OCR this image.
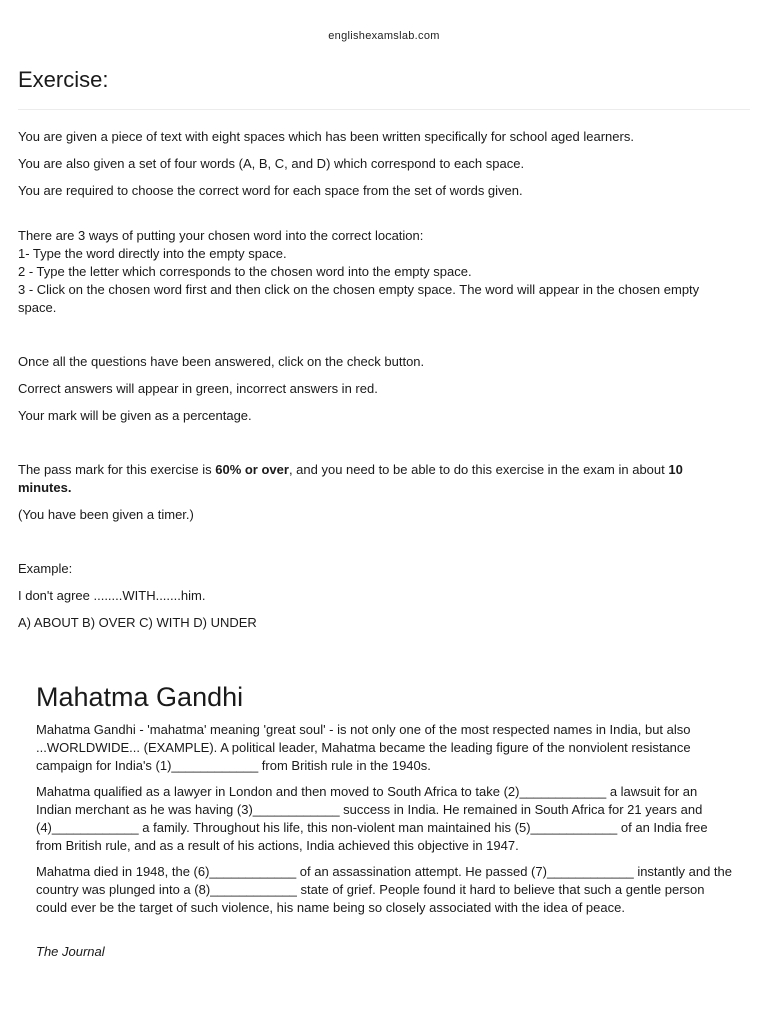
englishexamslab.com
Exercise:

You are given a piece of text with eight spaces which has been written specifically for school aged learners.

You are also given a set of four words (A, B, C, and D) which correspond to each space.

You are required to choose the correct word for each space from the set of words given.

There are 3 ways of putting your chosen word into the correct location:

1- Type the word directly into the empty space.
2 - Type the letter which corresponds to the chosen word into the empty space.
3 - Click on the chosen word first and then click on the chosen empty space. The word will appear in the chosen empty space.

Once all the questions have been answered, click on the check button.

Correct answers will appear in green, incorrect answers in red.

Your mark will be given as a percentage.

The pass mark for this exercise is 60% or over, and you need to be able to do this exercise in the exam in about 10 minutes.

(You have been given a timer.)

Example:

I don't agree ........WITH.......him.

A) ABOUT B) OVER C) WITH D) UNDER

Mahatma Gandhi

Mahatma Gandhi - 'mahatma' meaning 'great soul' - is not only one of the most respected names in India, but also ...WORLDWIDE... (EXAMPLE). A political leader, Mahatma became the leading figure of the nonviolent resistance campaign for India's (1)____________ from British rule in the 1940s.

Mahatma qualified as a lawyer in London and then moved to South Africa to take (2)____________ a lawsuit for an Indian merchant as he was having (3)____________ success in India. He remained in South Africa for 21 years and (4)____________ a family. Throughout his life, this non-violent man maintained his (5)____________ of an India free from British rule, and as a result of his actions, India achieved this objective in 1947.

Mahatma died in 1948, the (6)____________ of an assassination attempt. He passed (7)____________ instantly and the country was plunged into a (8)____________ state of grief. People found it hard to believe that such a gentle person could ever be the target of such violence, his name being so closely associated with the idea of peace.

The Journal
